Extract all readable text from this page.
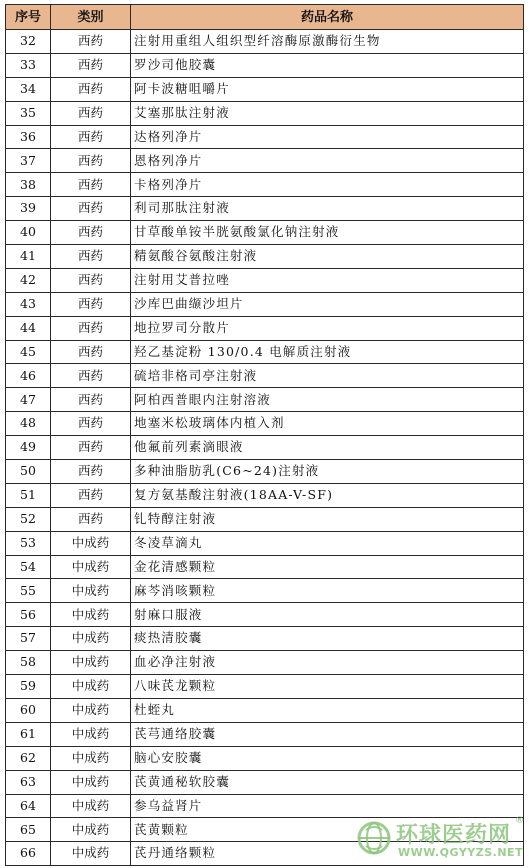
序号	类别	药品名称
32	西药	注射用重组人组织型纤溶酶原激酶衍生物
33	西药	罗沙司他胶囊
34	西药	阿卡波糖咀嚼片
35	西药	艾塞那肽注射液
36	西药	达格列净片
37	西药	恩格列净片
38	西药	卡格列净片
39	西药	利司那肽注射液
40	西药	甘草酸单铵半胱氨酸氯化钠注射液
41	西药	精氨酸谷氨酸注射液
42	西药	注射用艾普拉唑
43	西药	沙库巴曲缬沙坦片
44	西药	地拉罗司分散片
45	西药	羟乙基淀粉 130/0.4 电解质注射液
46	西药	硫培非格司亭注射液
47	西药	阿柏西普眼内注射溶液
48	西药	地塞米松玻璃体内植入剂
49	西药	他氟前列素滴眼液
50	西药	多种油脂肪乳(C6~24)注射液
51	西药	复方氨基酸注射液(18AA-V-SF)
52	西药	钆特醇注射液
53	中成药	冬凌草滴丸
54	中成药	金花清感颗粒
55	中成药	麻芩消咳颗粒
56	中成药	射麻口服液
57	中成药	痰热清胶囊
58	中成药	血必净注射液
59	中成药	八味芪龙颗粒
60	中成药	杜蛭丸
61	中成药	芪芎通络胶囊
62	中成药	脑心安胶囊
63	中成药	芪黄通秘软胶囊
64	中成药	参乌益肾片
65	中成药	芪黄颗粒
66	中成药	芪丹通络颗粒
环球医药网
®
WWW.QGYYZS.NET
